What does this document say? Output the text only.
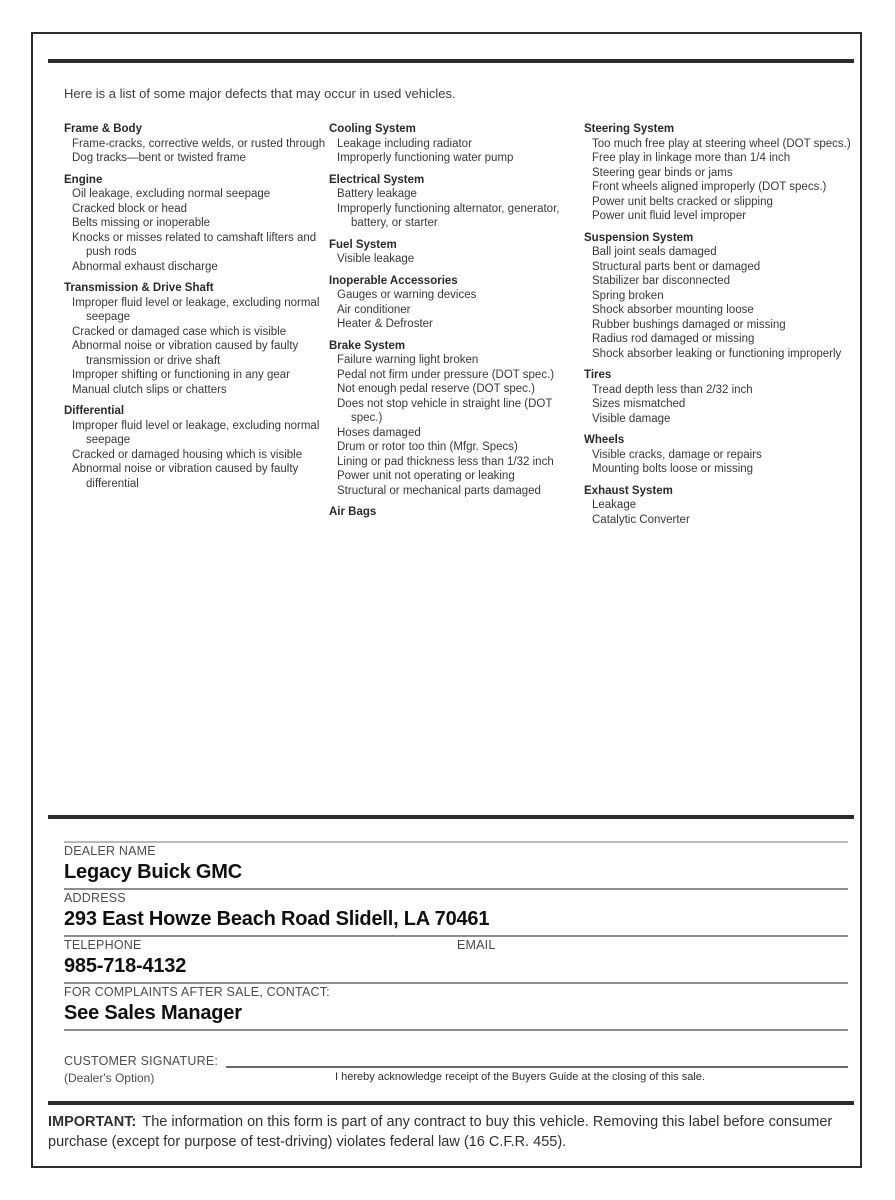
Here is a list of some major defects that may occur in used vehicles.
Frame & Body
Frame-cracks, corrective welds, or rusted through
Dog tracks—bent or twisted frame
Engine
Oil leakage, excluding normal seepage
Cracked block or head
Belts missing or inoperable
Knocks or misses related to camshaft lifters and push rods
Abnormal exhaust discharge
Transmission & Drive Shaft
Improper fluid level or leakage, excluding normal seepage
Cracked or damaged case which is visible
Abnormal noise or vibration caused by faulty transmission or drive shaft
Improper shifting or functioning in any gear
Manual clutch slips or chatters
Differential
Improper fluid level or leakage, excluding normal seepage
Cracked or damaged housing which is visible
Abnormal noise or vibration caused by faulty differential
Cooling System
Leakage including radiator
Improperly functioning water pump
Electrical System
Battery leakage
Improperly functioning alternator, generator, battery, or starter
Fuel System
Visible leakage
Inoperable Accessories
Gauges or warning devices
Air conditioner
Heater & Defroster
Brake System
Failure warning light broken
Pedal not firm under pressure (DOT spec.)
Not enough pedal reserve (DOT spec.)
Does not stop vehicle in straight line (DOT spec.)
Hoses damaged
Drum or rotor too thin (Mfgr. Specs)
Lining or pad thickness less than 1/32 inch
Power unit not operating or leaking
Structural or mechanical parts damaged
Air Bags
Steering System
Too much free play at steering wheel (DOT specs.)
Free play in linkage more than 1/4 inch
Steering gear binds or jams
Front wheels aligned improperly (DOT specs.)
Power unit belts cracked or slipping
Power unit fluid level improper
Suspension System
Ball joint seals damaged
Structural parts bent or damaged
Stabilizer bar disconnected
Spring broken
Shock absorber mounting loose
Rubber bushings damaged or missing
Radius rod damaged or missing
Shock absorber leaking or functioning improperly
Tires
Tread depth less than 2/32 inch
Sizes mismatched
Visible damage
Wheels
Visible cracks, damage or repairs
Mounting bolts loose or missing
Exhaust System
Leakage
Catalytic Converter
DEALER NAME
Legacy Buick GMC
ADDRESS
293 East Howze Beach Road Slidell, LA 70461
TELEPHONE
985-718-4132
EMAIL
FOR COMPLAINTS AFTER SALE, CONTACT:
See Sales Manager
CUSTOMER SIGNATURE:
(Dealer's Option)	I hereby acknowledge receipt of the Buyers Guide at the closing of this sale.
IMPORTANT: The information on this form is part of any contract to buy this vehicle. Removing this label before consumer purchase (except for purpose of test-driving) violates federal law (16 C.F.R. 455).
